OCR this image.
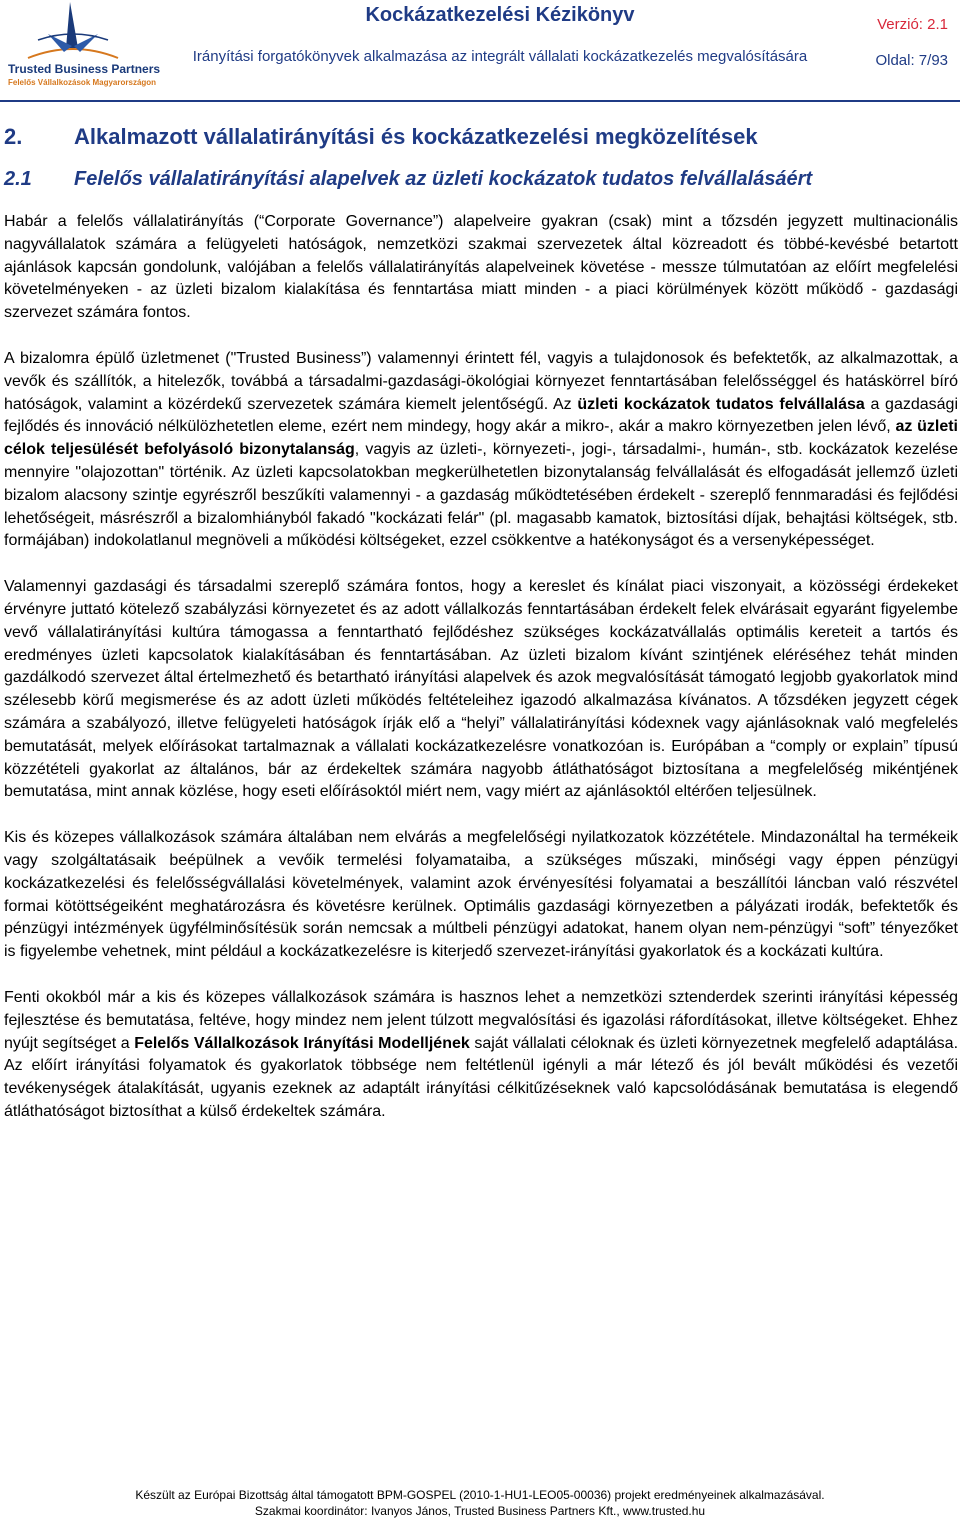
Trusted Business Partners
Felelős Vállalkozások Magyarországon
Kockázatkezelési Kézikönyv
Irányítási forgatókönyvek alkalmazása az integrált vállalati kockázatkezelés megvalósítására
Verzió: 2.1
Oldal: 7/93
2. Alkalmazott vállalatirányítási és kockázatkezelési megközelítések
2.1 Felelős vállalatirányítási alapelvek az üzleti kockázatok tudatos felvállalásáért

Habár a felelős vállalatirányítás (“Corporate Governance”) alapelveire gyakran (csak) mint a tőzsdén jegyzett multinacionális nagyvállalatok számára a felügyeleti hatóságok, nemzetközi szakmai szervezetek által közreadott és többé-kevésbé betartott ajánlások kapcsán gondolunk, valójában a felelős vállalatirányítás alapelveinek követése - messze túlmutatóan az előírt megfelelési követelményeken - az üzleti bizalom kialakítása és fenntartása miatt minden - a piaci körülmények között működő - gazdasági szervezet számára fontos.

A bizalomra épülő üzletmenet ("Trusted Business”) valamennyi érintett fél, vagyis a tulajdonosok és befektetők, az alkalmazottak, a vevők és szállítók, a hitelezők, továbbá a társadalmi-gazdasági-ökológiai környezet fenntartásában felelősséggel és hatáskörrel bíró hatóságok, valamint a közérdekű szervezetek számára kiemelt jelentőségű. Az üzleti kockázatok tudatos felvállalása a gazdasági fejlődés és innováció nélkülözhetetlen eleme, ezért nem mindegy, hogy akár a mikro-, akár a makro környezetben jelen lévő, az üzleti célok teljesülését befolyásoló bizonytalanság, vagyis az üzleti-, környezeti-, jogi-, társadalmi-, humán-, stb. kockázatok kezelése mennyire "olajozottan" történik. Az üzleti kapcsolatokban megkerülhetetlen bizonytalanság felvállalását és elfogadását jellemző üzleti bizalom alacsony szintje egyrészről beszűkíti valamennyi - a gazdaság működtetésében érdekelt - szereplő fennmaradási és fejlődési lehetőségeit, másrészről a bizalomhiányból fakadó "kockázati felár" (pl. magasabb kamatok, biztosítási díjak, behajtási költségek, stb. formájában) indokolatlanul megnöveli a működési költségeket, ezzel csökkentve a hatékonyságot és a versenyképességet.

Valamennyi gazdasági és társadalmi szereplő számára fontos, hogy a kereslet és kínálat piaci viszonyait, a közösségi érdekeket érvényre juttató kötelező szabályzási környezetet és az adott vállalkozás fenntartásában érdekelt felek elvárásait egyaránt figyelembe vevő vállalatirányítási kultúra támogassa a fenntartható fejlődéshez szükséges kockázatvállalás optimális kereteit a tartós és eredményes üzleti kapcsolatok kialakításában és fenntartásában. Az üzleti bizalom kívánt szintjének eléréséhez tehát minden gazdálkodó szervezet által értelmezhető és betartható irányítási alapelvek és azok megvalósítását támogató legjobb gyakorlatok mind szélesebb körű megismerése és az adott üzleti működés feltételeihez igazodó alkalmazása kívánatos. A tőzsdéken jegyzett cégek számára a szabályozó, illetve felügyeleti hatóságok írják elő a “helyi” vállalatirányítási kódexnek vagy ajánlásoknak való megfelelés bemutatását, melyek előírásokat tartalmaznak a vállalati kockázatkezelésre vonatkozóan is. Európában a “comply or explain” típusú közzétételi gyakorlat az általános, bár az érdekeltek számára nagyobb átláthatóságot biztosítana a megfelelőség mikéntjének bemutatása, mint annak közlése, hogy eseti előírásoktól miért nem, vagy miért az ajánlásoktól eltérően teljesülnek.

Kis és közepes vállalkozások számára általában nem elvárás a megfelelőségi nyilatkozatok közzététele. Mindazonáltal ha termékeik vagy szolgáltatásaik beépülnek a vevőik termelési folyamataiba, a szükséges műszaki, minőségi vagy éppen pénzügyi kockázatkezelési és felelősségvállalási követelmények, valamint azok érvényesítési folyamatai a beszállítói láncban való részvétel formai kötöttségeiként meghatározásra és követésre kerülnek. Optimális gazdasági környezetben a pályázati irodák, befektetők és pénzügyi intézmények ügyfélminősítésük során nemcsak a múltbeli pénzügyi adatokat, hanem olyan nem-pénzügyi “soft” tényezőket is figyelembe vehetnek, mint például a kockázatkezelésre is kiterjedő szervezet-irányítási gyakorlatok és a kockázati kultúra.

Fenti okokból már a kis és közepes vállalkozások számára is hasznos lehet a nemzetközi sztenderdek szerinti irányítási képesség fejlesztése és bemutatása, feltéve, hogy mindez nem jelent túlzott megvalósítási és igazolási ráfordításokat, illetve költségeket. Ehhez nyújt segítséget a Felelős Vállalkozások Irányítási Modelljének saját vállalati céloknak és üzleti környezetnek megfelelő adaptálása. Az előírt irányítási folyamatok és gyakorlatok többsége nem feltétlenül igényli a már létező és jól bevált működési és vezetői tevékenységek átalakítását, ugyanis ezeknek az adaptált irányítási célkitűzéseknek való kapcsolódásának bemutatása is elegendő átláthatóságot biztosíthat a külső érdekeltek számára.

Készült az Európai Bizottság által támogatott BPM-GOSPEL (2010-1-HU1-LEO05-00036) projekt eredményeinek alkalmazásával.
Szakmai koordinátor: Ivanyos János, Trusted Business Partners Kft., www.trusted.hu
